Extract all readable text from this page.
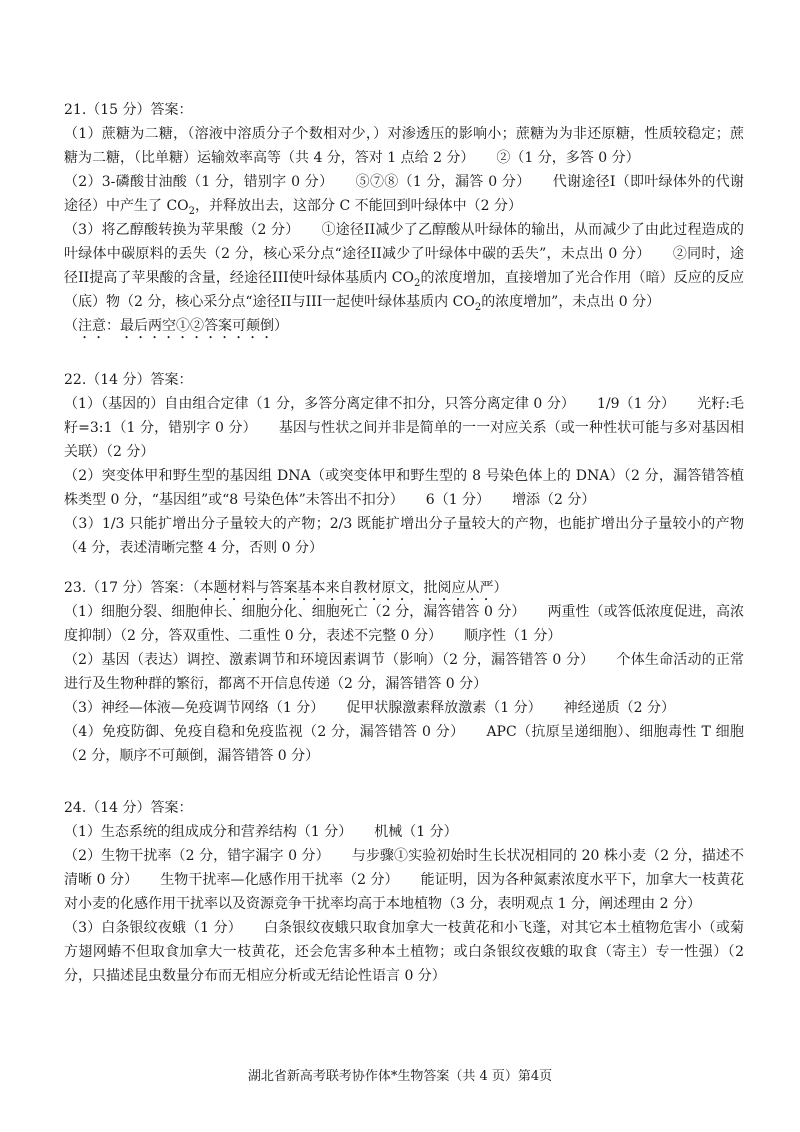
21.（15 分）答案：

（1）蔗糖为二糖，（溶液中溶质分子个数相对少，）对渗透压的影响小；蔗糖为为非还原糖，性质较稳定；蔗糖为二糖，（比单糖）运输效率高等（共 4 分，答对 1 点给 2 分） ②（1 分，多答 0 分）

（2）3-磷酸甘油酸（1 分，错别字 0 分） ⑤⑦⑧（1 分，漏答 0 分） 代谢途径I（即叶绿体外的代谢途径）中产生了 $CO_2$，并释放出去，这部分 C 不能回到叶绿体中（2 分）

（3）将乙醇酸转换为苹果酸（2 分） ①途径II减少了乙醇酸从叶绿体的输出，从而减少了由此过程造成的叶绿体中碳原料的丢失（2 分，核心采分点“途径II减少了叶绿体中碳的丢失”，未点出 0 分） ②同时，途径II提高了苹果酸的含量，经途径III使叶绿体基质内 $CO_2$的浓度增加，直接增加了光合作用（暗）反应的反应（底）物（2 分，核心采分点“途径II与III一起使叶绿体基质内 $CO_2$的浓度增加”，未点出 0 分）

（注意：最后两空①②答案可颠倒）

22.（14 分）答案：

（1）（基因的）自由组合定律（1 分，多答分离定律不扣分，只答分离定律 0 分） 1/9（1 分） 光籽:毛籽=3:1（1 分，错别字 0 分） 基因与性状之间并非是简单的一一对应关系（或一种性状可能与多对基因相关联）（2 分）

（2）突变体甲和野生型的基因组 DNA（或突变体甲和野生型的 8 号染色体上的 DNA）（2 分，漏答错答植株类型 0 分，“基因组”或“8 号染色体”未答出不扣分） 6（1 分） 增添（2 分）

（3）1/3 只能扩增出分子量较大的产物；2/3 既能扩增出分子量较大的产物，也能扩增出分子量较小的产物（4 分，表述清晰完整 4 分，否则 0 分）

23.（17 分）答案：（本题材料与答案基本来自教材原文，批阅应从严）

（1）细胞分裂、细胞伸长、细胞分化、细胞死亡（2 分，漏答错答 0 分） 两重性（或答低浓度促进，高浓度抑制）（2 分，答双重性、二重性 0 分，表述不完整 0 分） 顺序性（1 分）

（2）基因（表达）调控、激素调节和环境因素调节（影响）（2 分，漏答错答 0 分） 个体生命活动的正常进行及生物种群的繁衍，都离不开信息传递（2 分，漏答错答 0 分）

（3）神经—体液—免疫调节网络（1 分） 促甲状腺激素释放激素（1 分） 神经递质（2 分）

（4）免疫防御、免疫自稳和免疫监视（2 分，漏答错答 0 分） APC（抗原呈递细胞）、细胞毒性 T 细胞（2 分，顺序不可颠倒，漏答错答 0 分）

24.（14 分）答案：

（1）生态系统的组成成分和营养结构（1 分） 机械（1 分）

（2）生物干扰率（2 分，错字漏字 0 分） 与步骤①实验初始时生长状况相同的 20 株小麦（2 分，描述不清晰 0 分） 生物干扰率—化感作用干扰率（2 分） 能证明，因为各种氮素浓度水平下，加拿大一枝黄花对小麦的化感作用干扰率以及资源竞争干扰率均高于本地植物（3 分，表明观点 1 分，阐述理由 2 分）

（3）白条银纹夜蛾（1 分） 白条银纹夜蛾只取食加拿大一枝黄花和小飞蓬，对其它本土植物危害小（或菊方翅网蝽不但取食加拿大一枝黄花，还会危害多种本土植物；或白条银纹夜蛾的取食（寄主）专一性强）（2 分，只描述昆虫数量分布而无相应分析或无结论性语言 0 分）

湖北省新高考联考协作体*生物答案（共 4 页）第4页
